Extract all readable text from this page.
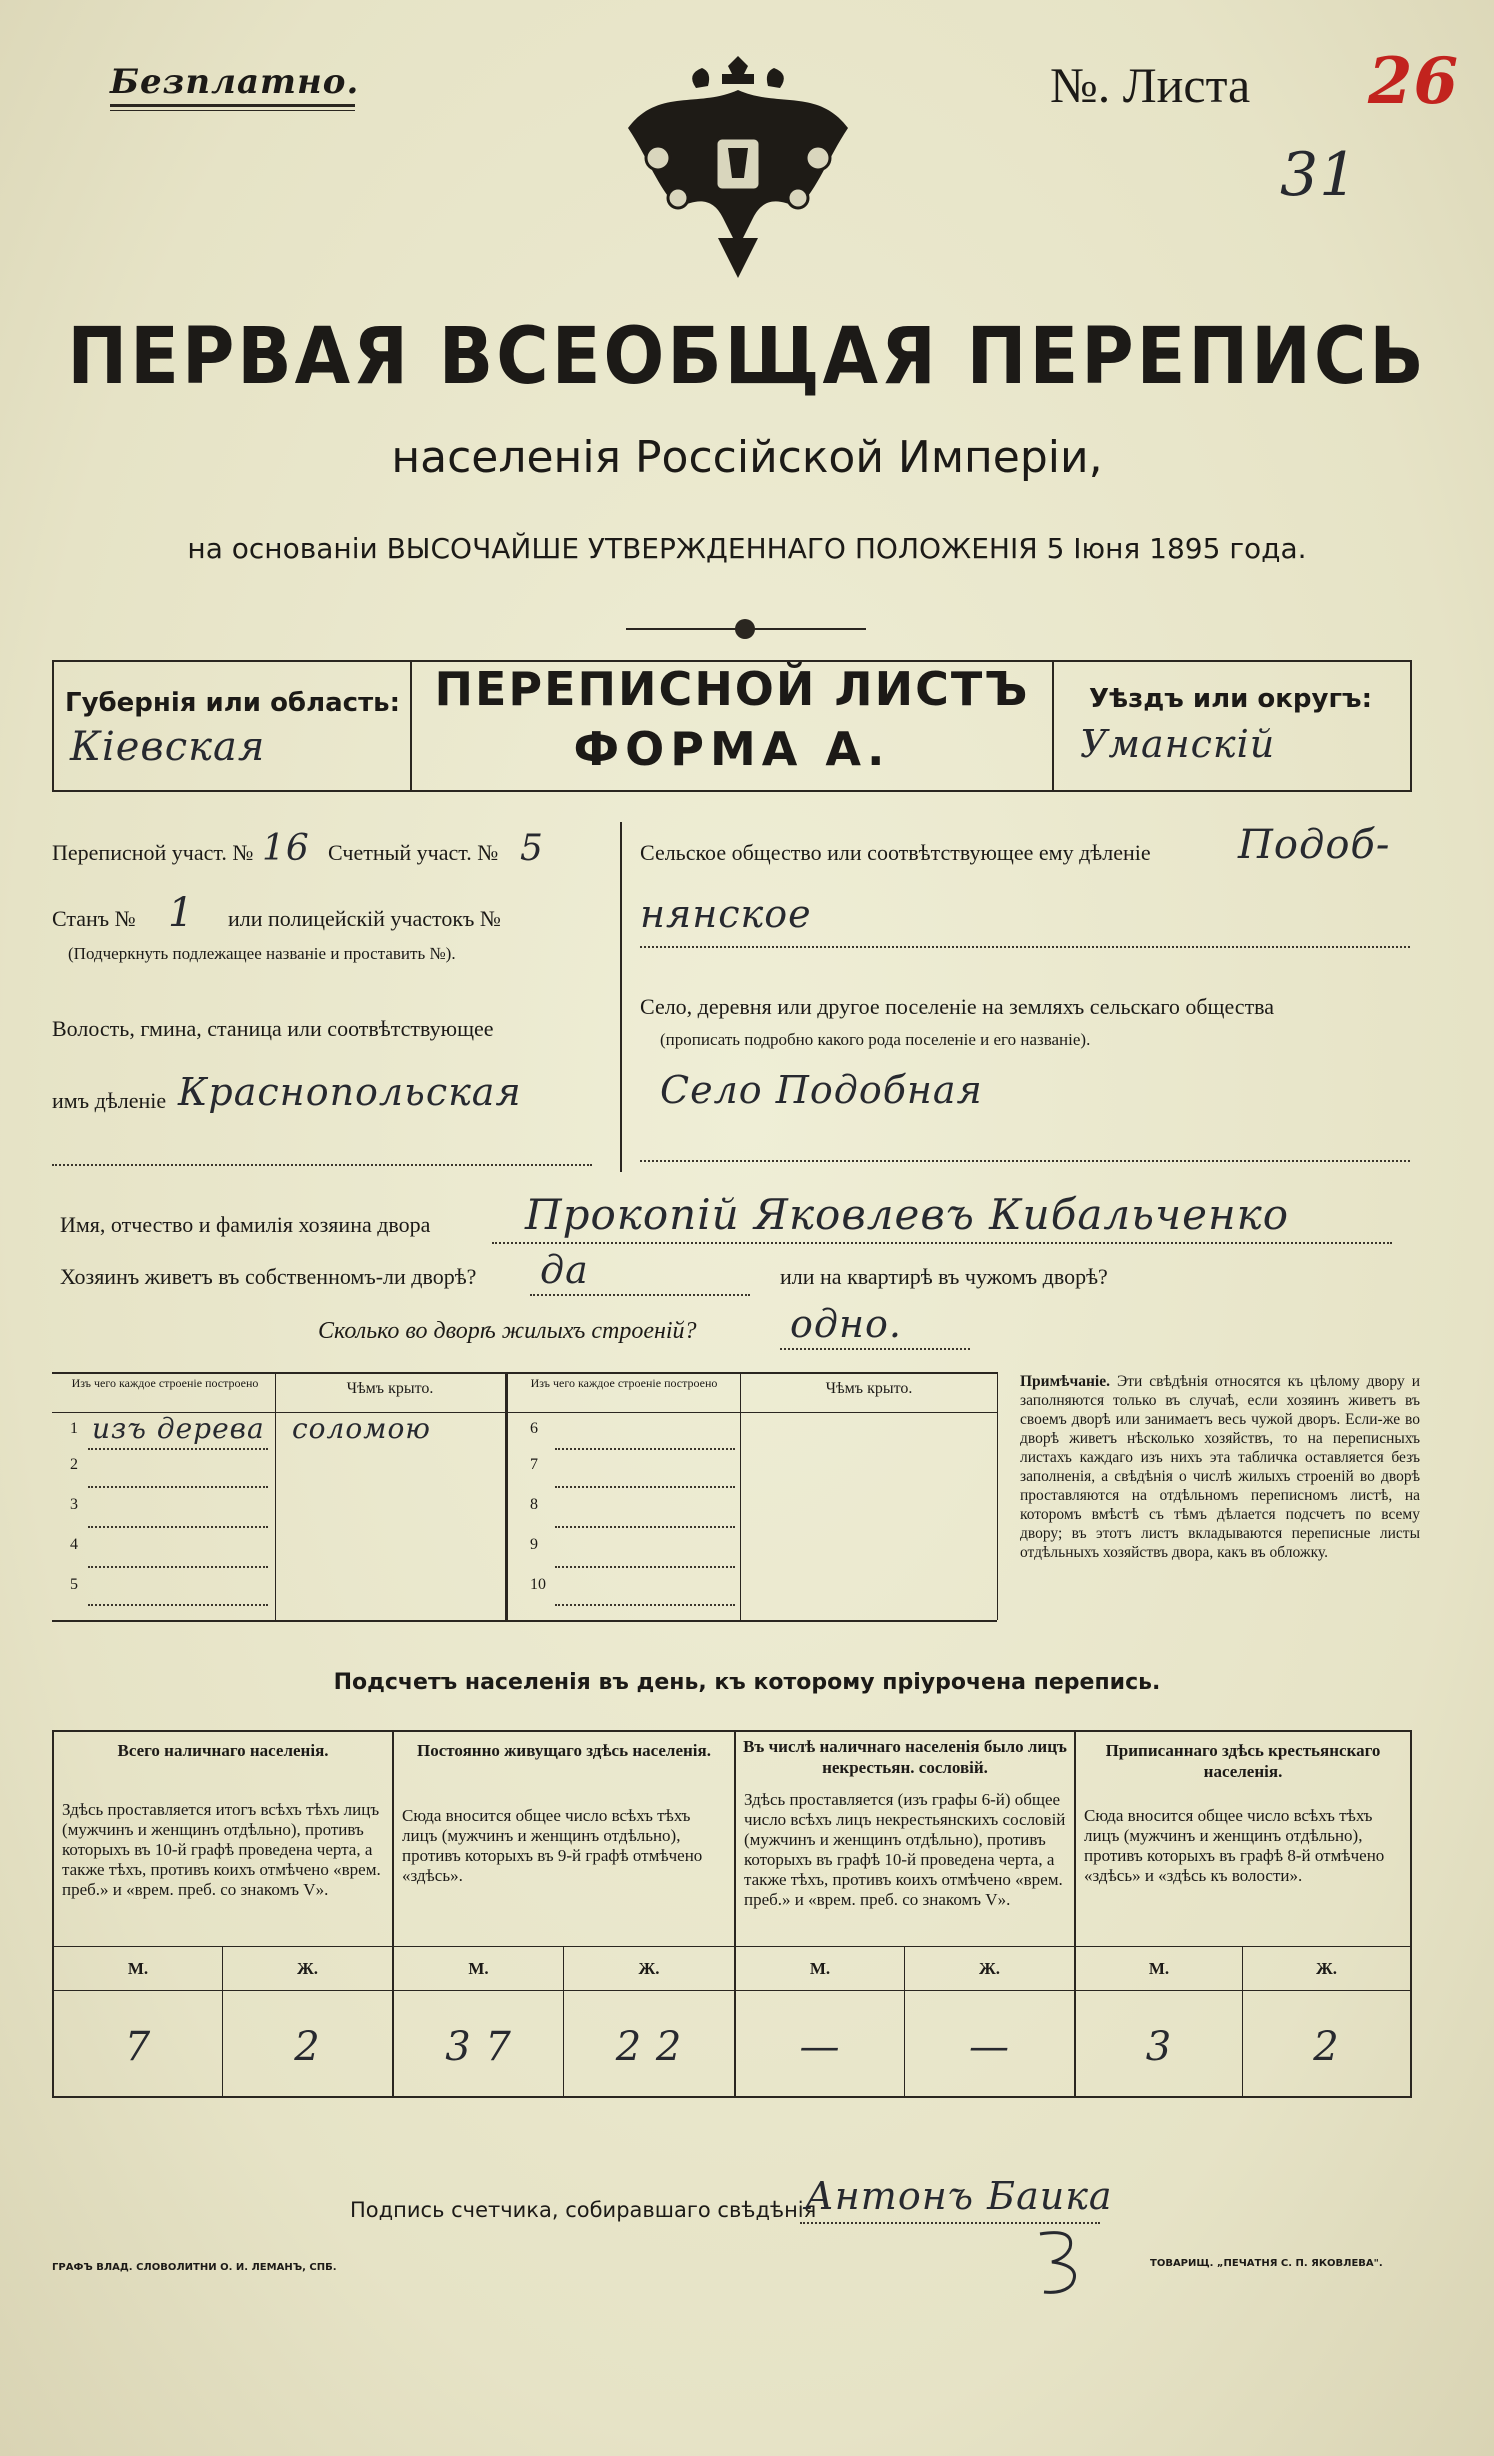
Безплатно.	№. Листа 26
31
ПЕРВАЯ ВСЕОБЩАЯ ПЕРЕПИСЬ
населенія Россійской Имперіи,
на основаніи ВЫСОЧАЙШЕ УТВЕРЖДЕННАГО ПОЛОЖЕНІЯ 5 Іюня 1895 года.
Губернія или область:
Кіевская
ПЕРЕПИСНОЙ ЛИСТЪ
ФОРМА А.
Уѣздъ или округъ:
Уманскій
Переписной участ. № 16 Счетный участ. № 5
Станъ № 1 или полицейскій участокъ №
(Подчеркнуть подлежащее названіе и проставить №).
Волость, гмина, станица или соотвѣтствующее
имъ дѣленіе Краснопольская
Сельское общество или соотвѣтствующее ему дѣленіе Подоб-
нянское
Село, деревня или другое поселеніе на земляхъ сельскаго общества
(прописать подробно какого рода поселеніе и его названіе).
Село Подобная
Имя, отчество и фамилія хозяина двора Прокопій Яковлевъ Кибальченко
Хозяинъ живетъ въ собственномъ-ли дворѣ? да	или на квартирѣ въ чужомъ дворѣ?
Сколько во дворѣ жилыхъ строеній? одно.
Изъ чего каждое строеніе построено	Чѣмъ крыто.	Изъ чего каждое строеніе построено	Чѣмъ крыто.
1 изъ дерева соломою
2
3
4
5
6
7
8
9
10
Примѣчаніе. Эти свѣдѣнія относятся къ цѣлому двору и заполняются только въ случаѣ, если хозяинъ живетъ въ своемъ дворѣ или занимаетъ весь чужой дворъ. Если-же во дворѣ живетъ нѣсколько хозяйствъ, то на переписныхъ листахъ каждаго изъ нихъ эта табличка оставляется безъ заполненія, а свѣдѣнія о числѣ жилыхъ строеній во дворѣ проставляются на отдѣльномъ переписномъ листѣ, на которомъ вмѣстѣ съ тѣмъ дѣлается подсчетъ по всему двору; въ этотъ листъ вкладываются переписные листы отдѣльныхъ хозяйствъ двора, какъ въ обложку.
Подсчетъ населенія въ день, къ которому пріурочена перепись.
Всего наличнаго населенія.
Здѣсь проставляется итогъ всѣхъ тѣхъ лицъ (мужчинъ и женщинъ отдѣльно), противъ которыхъ въ 10-й графѣ проведена черта, а также тѣхъ, противъ коихъ отмѣчено «врем. преб.» и «врем. преб. со знакомъ V».
Постоянно живущаго здѣсь населенія.
Сюда вносится общее число всѣхъ тѣхъ лицъ (мужчинъ и женщинъ отдѣльно), противъ которыхъ въ 9-й графѣ отмѣчено «здѣсь».
Въ числѣ наличнаго населенія было лицъ некрестьян. сословій.
Здѣсь проставляется (изъ графы 6-й) общее число всѣхъ лицъ некрестьянскихъ сословій (мужчинъ и женщинъ отдѣльно), противъ которыхъ въ графѣ 10-й проведена черта, а также тѣхъ, противъ коихъ отмѣчено «врем. преб.» и «врем. преб. со знакомъ V».
Приписаннаго здѣсь крестьянскаго населенія.
Сюда вносится общее число всѣхъ тѣхъ лицъ (мужчинъ и женщинъ отдѣльно), противъ которыхъ въ графѣ 8-й отмѣчено «здѣсь» и «здѣсь къ волости».
М.	Ж.	М.	Ж.	М.	Ж.	М.	Ж.
7	2	3 7	2 2	—	—	3	2
Подпись счетчика, собиравшаго свѣдѣнія
Антонъ Баика
ГРАФЪ ВЛАД. СЛОВОЛИТНИ О. И. ЛЕМАНЪ, СПБ.	ТОВАРИЩ. „ПЕЧАТНЯ С. П. ЯКОВЛЕВА".
